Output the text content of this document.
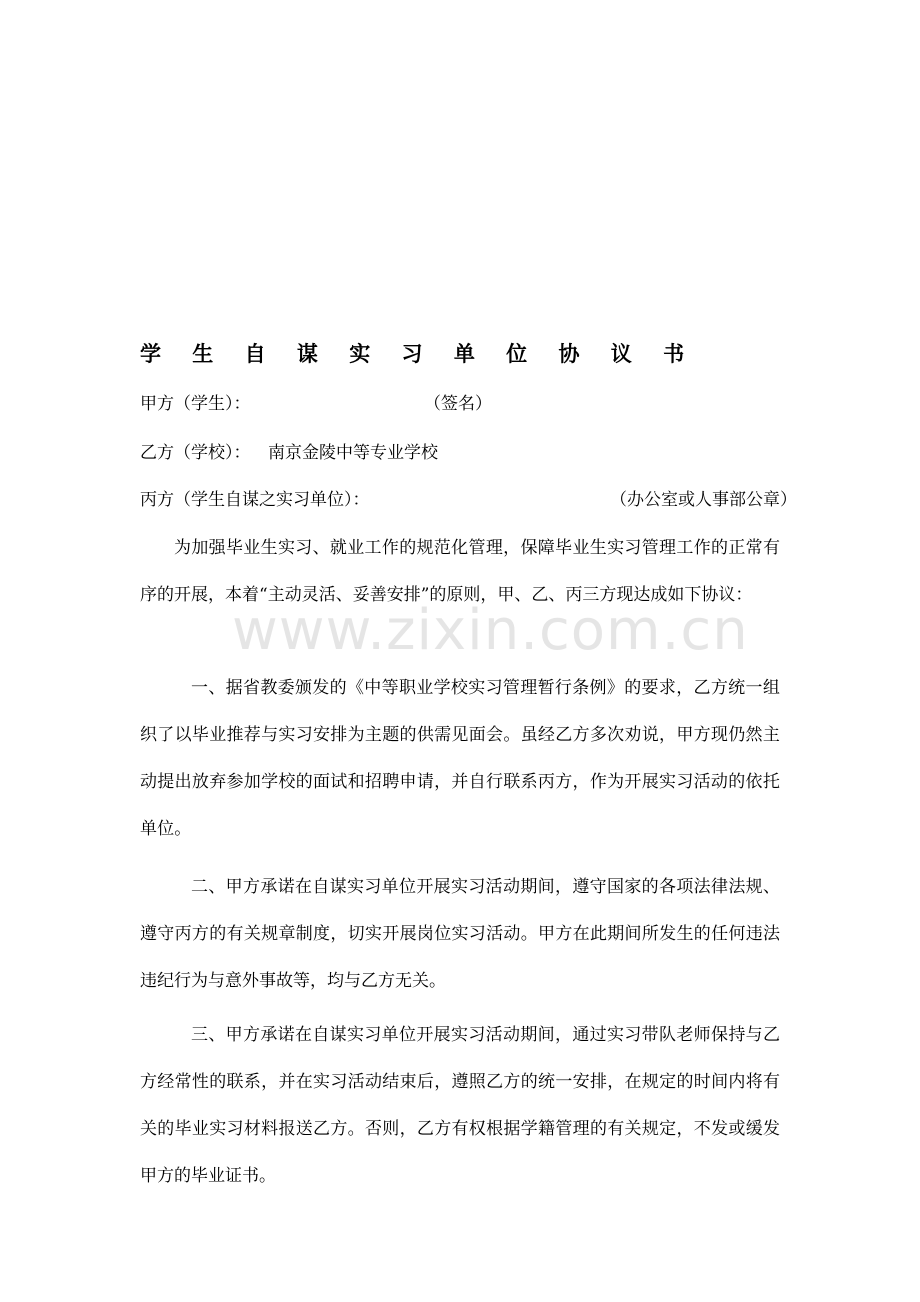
学 生 自 谋 实 习 单 位 协 议 书
甲方（学生）：	（签名）
乙方（学校）： 南京金陵中等专业学校
丙方（学生自谋之实习单位）：	（办公室或人事部公章）
为加强毕业生实习、就业工作的规范化管理，保障毕业生实习管理工作的正常有序的开展，本着“主动灵活、妥善安排”的原则，甲、乙、丙三方现达成如下协议：
一、据省教委颁发的《中等职业学校实习管理暂行条例》的要求，乙方统一组织了以毕业推荐与实习安排为主题的供需见面会。虽经乙方多次劝说，甲方现仍然主动提出放弃参加学校的面试和招聘申请，并自行联系丙方，作为开展实习活动的依托单位。
二、甲方承诺在自谋实习单位开展实习活动期间，遵守国家的各项法律法规、遵守丙方的有关规章制度，切实开展岗位实习活动。甲方在此期间所发生的任何违法违纪行为与意外事故等，均与乙方无关。
三、甲方承诺在自谋实习单位开展实习活动期间，通过实习带队老师保持与乙方经常性的联系，并在实习活动结束后，遵照乙方的统一安排，在规定的时间内将有关的毕业实习材料报送乙方。否则，乙方有权根据学籍管理的有关规定，不发或缓发甲方的毕业证书。
www.zixin.com.cn
